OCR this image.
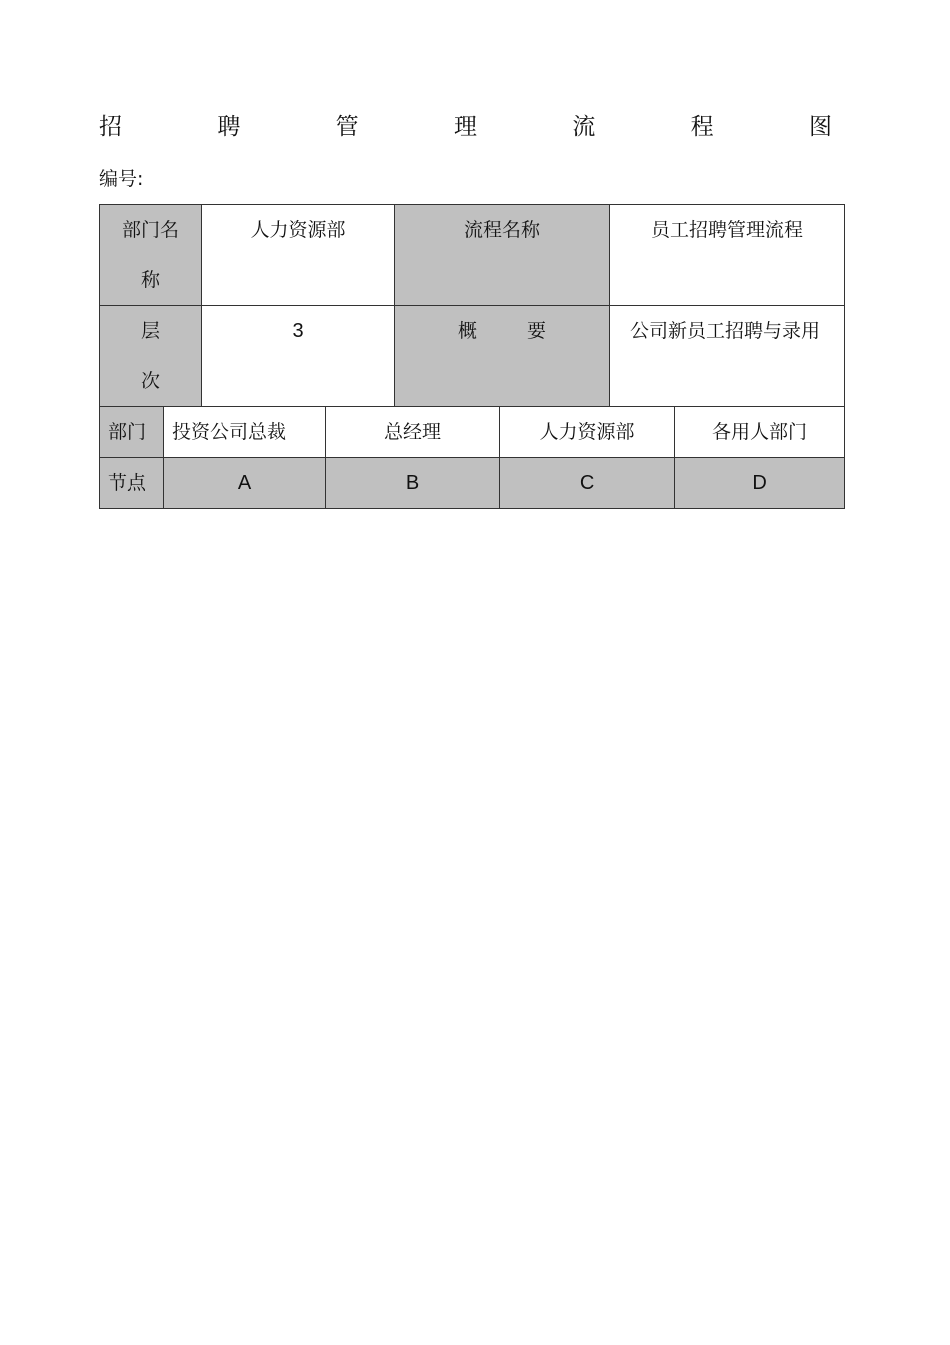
招	聘	管	理	流	程	图
编号:
部门名称		人力资源部		流程名称		员工招聘管理流程	

层
次		3		概 要		公司新员工招聘与录用	

部门	投资公司总裁		总经理		人力资源部		各用人部门

节点	A		B		C		D
